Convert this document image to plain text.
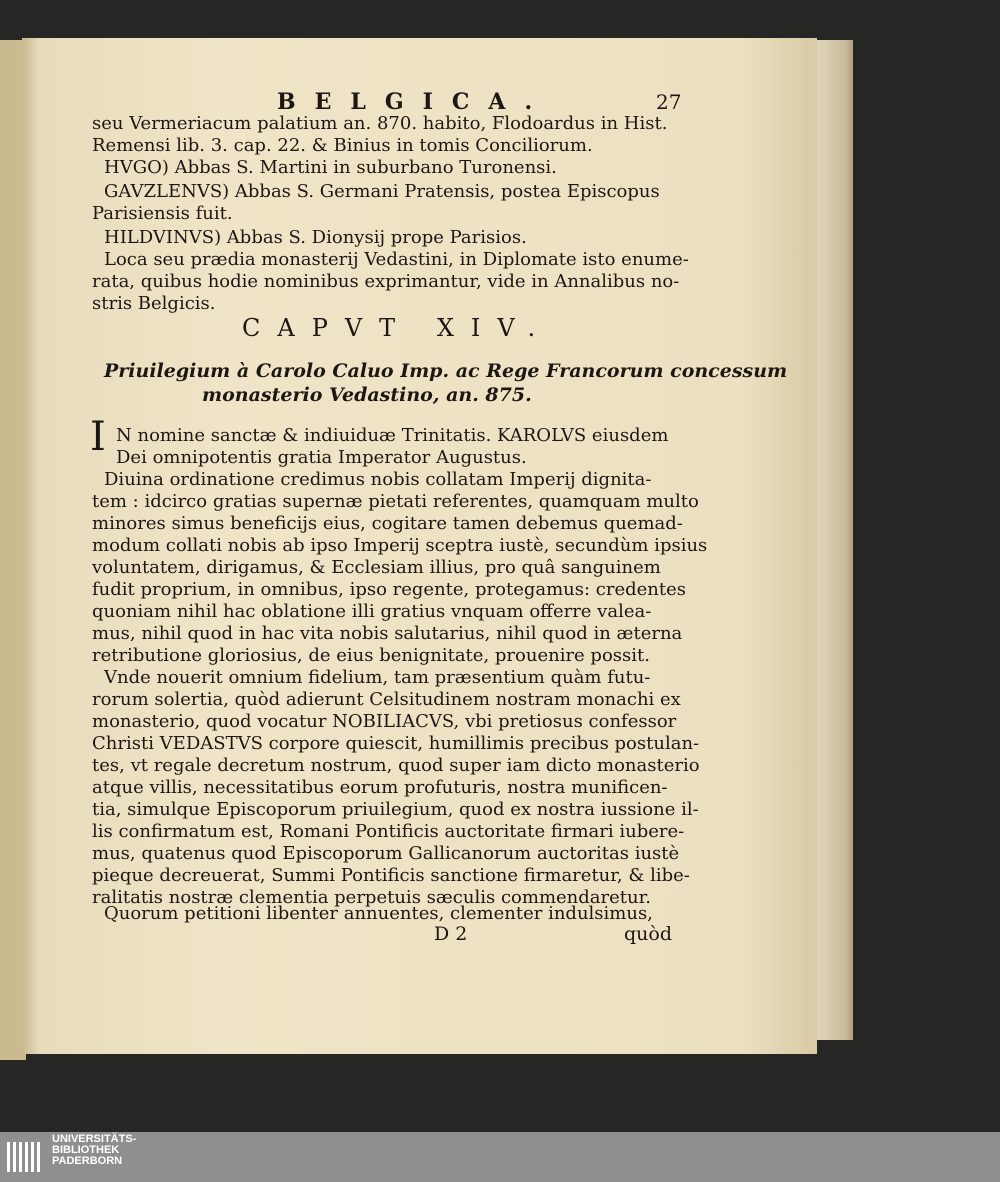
BELGICA.	27

seu Vermeriacum palatium an. 870. habito, Flodoardus in Hist.

Remensi lib. 3. cap. 22. & Binius in tomis Conciliorum.

HVGO) Abbas S. Martini in suburbano Turonensi.

GAVZLENVS) Abbas S. Germani Pratensis, postea Episcopus

Parisiensis fuit.

HILDVINVS) Abbas S. Dionysij prope Parisios.

Loca seu prædia monasterij Vedastini, in Diplomate isto enume-

rata, quibus hodie nominibus exprimantur, vide in Annalibus no-

stris Belgicis.

CAPVT XIV.

Priuilegium à Carolo Caluo Imp. ac Rege Francorum concessum

monasterio Vedastino, an. 875.

I N nomine sanctæ & indiuiduæ Trinitatis. KAROLVS eiusdem

Dei omnipotentis gratia Imperator Augustus.

Diuina ordinatione credimus nobis collatam Imperij dignita-

tem : idcirco gratias supernæ pietati referentes, quamquam multo

minores simus beneficijs eius, cogitare tamen debemus quemad-

modum collati nobis ab ipso Imperij sceptra iustè, secundùm ipsius

voluntatem, dirigamus, & Ecclesiam illius, pro quâ sanguinem

fudit proprium, in omnibus, ipso regente, protegamus: credentes

quoniam nihil hac oblatione illi gratius vnquam offerre valea-

mus, nihil quod in hac vita nobis salutarius, nihil quod in æterna

retributione gloriosius, de eius benignitate, prouenire possit.

Vnde nouerit omnium fidelium, tam præsentium quàm futu-

rorum solertia, quòd adierunt Celsitudinem nostram monachi ex

monasterio, quod vocatur NOBILIACVS, vbi pretiosus confessor

Christi VEDASTVS corpore quiescit, humillimis precibus postulan-

tes, vt regale decretum nostrum, quod super iam dicto monasterio

atque villis, necessitatibus eorum profuturis, nostra munificen-

tia, simulque Episcoporum priuilegium, quod ex nostra iussione il-

lis confirmatum est, Romani Pontificis auctoritate firmari iubere-

mus, quatenus quod Episcoporum Gallicanorum auctoritas iustè

pieque decreuerat, Summi Pontificis sanctione firmaretur, & libe-

ralitatis nostræ clementia perpetuis sæculis commendaretur.

Quorum petitioni libenter annuentes, clementer indulsimus,

D 2	quòd

UNIVERSITÄTS-
BIBLIOTHEK
PADERBORN
